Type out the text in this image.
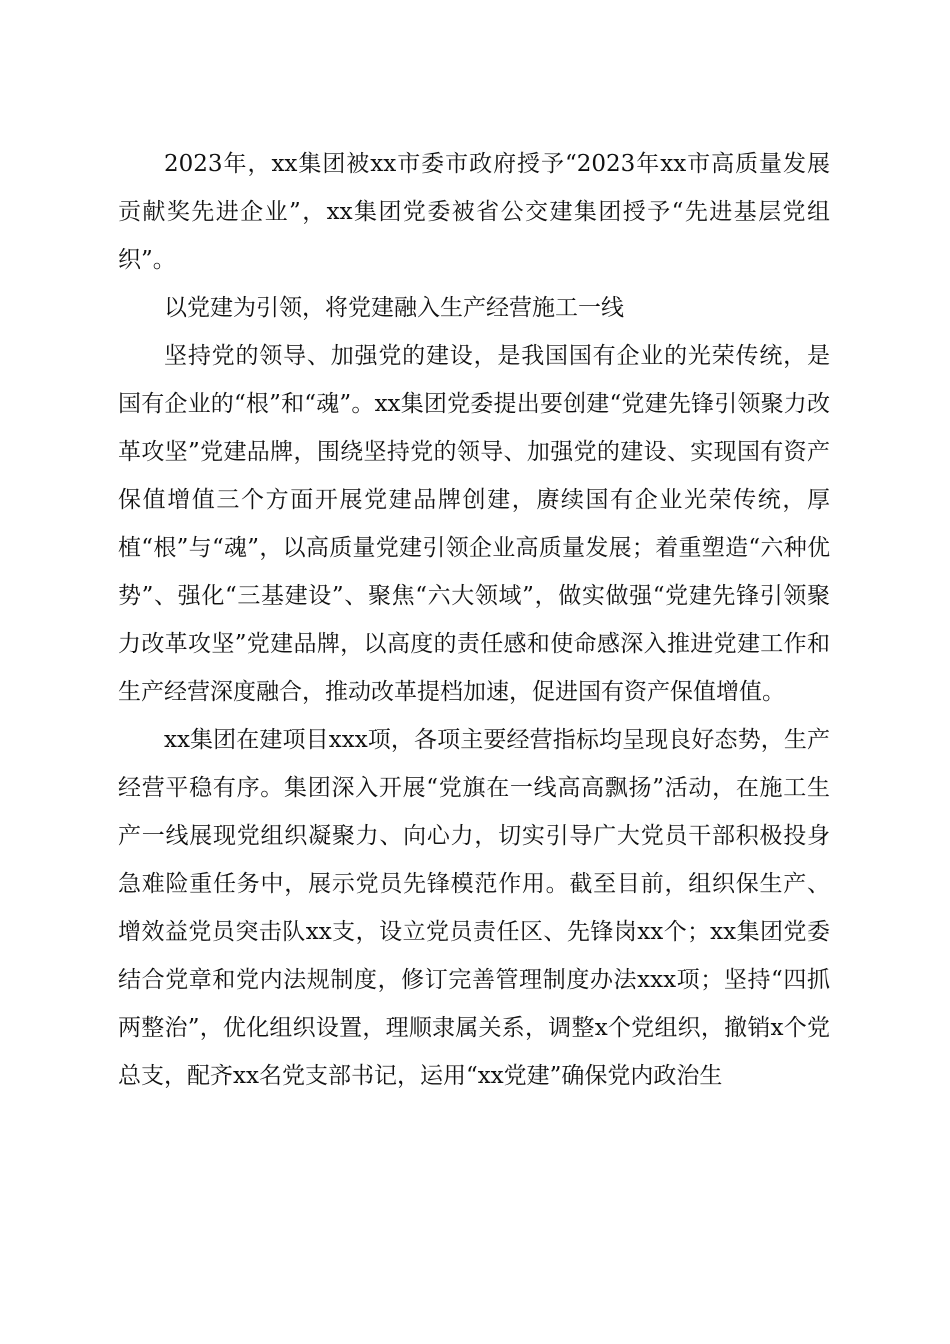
2023年，xx集团被xx市委市政府授予“2023年xx市高质量发展贡献奖先进企业”，xx集团党委被省公交建集团授予“先进基层党组织”。

以党建为引领，将党建融入生产经营施工一线

坚持党的领导、加强党的建设，是我国国有企业的光荣传统，是国有企业的“根”和“魂”。xx集团党委提出要创建“党建先锋引领聚力改革攻坚”党建品牌，围绕坚持党的领导、加强党的建设、实现国有资产保值增值三个方面开展党建品牌创建，赓续国有企业光荣传统，厚植“根”与“魂”，以高质量党建引领企业高质量发展；着重塑造“六种优势”、强化“三基建设”、聚焦“六大领域”，做实做强“党建先锋引领聚力改革攻坚”党建品牌，以高度的责任感和使命感深入推进党建工作和生产经营深度融合，推动改革提档加速，促进国有资产保值增值。

xx集团在建项目xxx项，各项主要经营指标均呈现良好态势，生产经营平稳有序。集团深入开展“党旗在一线高高飘扬”活动，在施工生产一线展现党组织凝聚力、向心力，切实引导广大党员干部积极投身急难险重任务中，展示党员先锋模范作用。截至目前，组织保生产、增效益党员突击队xx支，设立党员责任区、先锋岗xx个；xx集团党委结合党章和党内法规制度，修订完善管理制度办法xxx项；坚持“四抓两整治”，优化组织设置，理顺隶属关系，调整x个党组织，撤销x个党总支，配齐xx名党支部书记，运用“xx党建”确保党内政治生
